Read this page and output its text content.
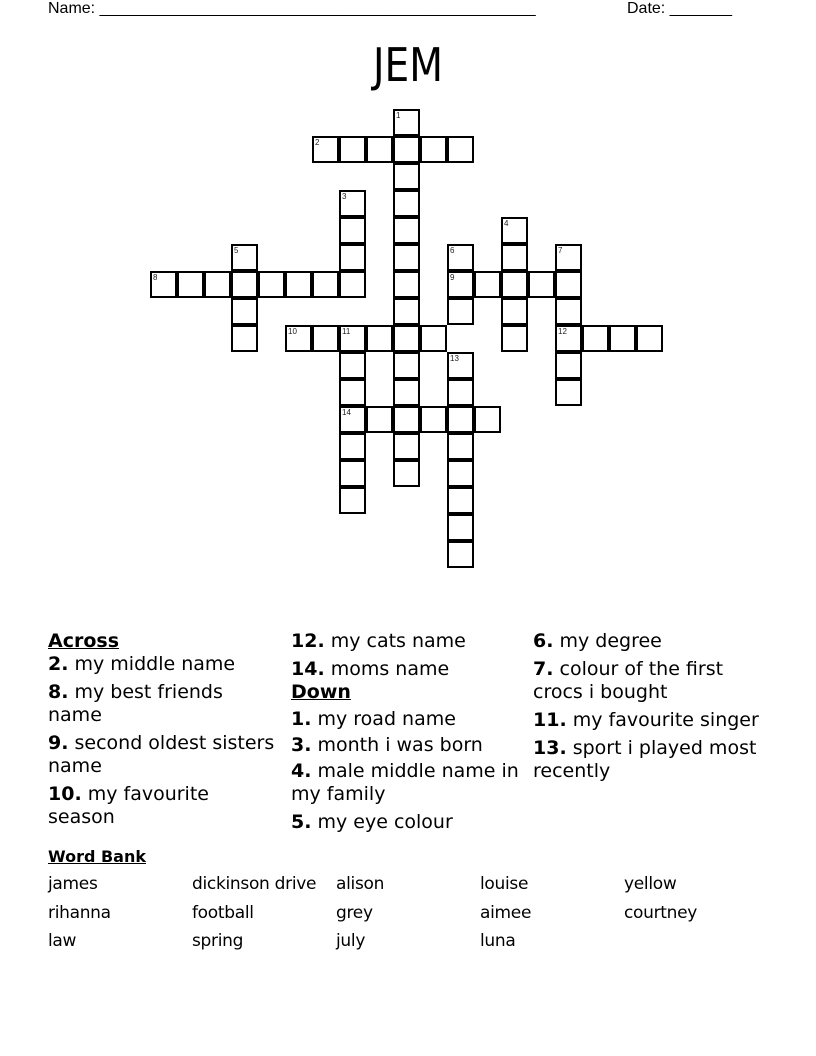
Name: _________________________________________________	Date: _______
JEM
1
2
3
4
5	6	7
8	9
10	11	12
13
14
Across
2. my middle name
8. my best friends name
9. second oldest sisters name
10. my favourite season
12. my cats name
14. moms name
Down
1. my road name
3. month i was born
4. male middle name in my family
5. my eye colour
6. my degree
7. colour of the first crocs i bought
11. my favourite singer
13. sport i played most recently
Word Bank
james	dickinson drive	alison	louise	yellow
rihanna	football	grey	aimee	courtney
law	spring	july	luna
